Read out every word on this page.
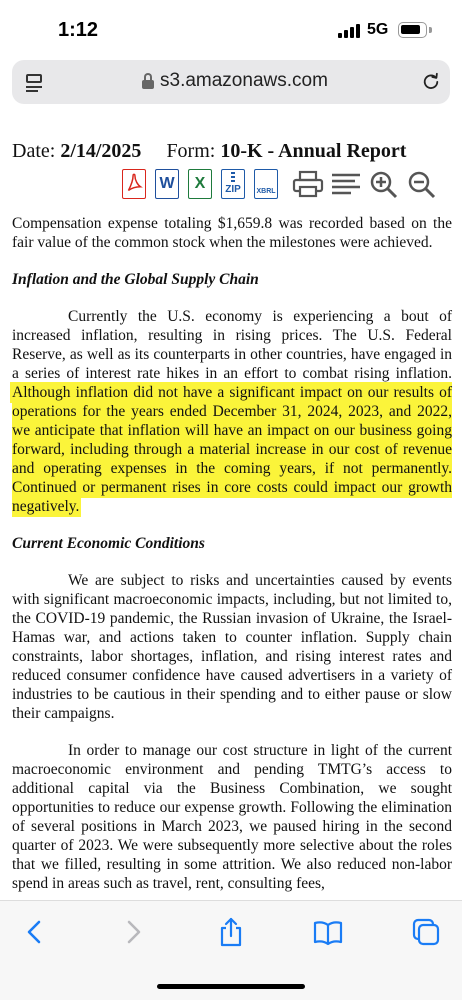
1:12	5G
s3.amazonaws.com
Date: 2/14/2025 Form: 10-K - Annual Report
W	X	ZIP	XBRL

Compensation expense totaling $1,659.8 was recorded based on the fair value of the common stock when the milestones were achieved.

Inflation and the Global Supply Chain

Currently the U.S. economy is experiencing a bout of increased inflation, resulting in rising prices. The U.S. Federal Reserve, as well as its counterparts in other countries, have engaged in a series of interest rate hikes in an effort to combat rising inflation. Although inflation did not have a significant impact on our results of operations for the years ended December 31, 2024, 2023, and 2022, we anticipate that inflation will have an impact on our business going forward, including through a material increase in our cost of revenue and operating expenses in the coming years, if not permanently. Continued or permanent rises in core costs could impact our growth negatively.

Current Economic Conditions

We are subject to risks and uncertainties caused by events with significant macroeconomic impacts, including, but not limited to, the COVID-19 pandemic, the Russian invasion of Ukraine, the Israel-Hamas war, and actions taken to counter inflation. Supply chain constraints, labor shortages, inflation, and rising interest rates and reduced consumer confidence have caused advertisers in a variety of industries to be cautious in their spending and to either pause or slow their campaigns.

In order to manage our cost structure in light of the current macroeconomic environment and pending TMTG’s access to additional capital via the Business Combination, we sought opportunities to reduce our expense growth. Following the elimination of several positions in March 2023, we paused hiring in the second quarter of 2023. We were subsequently more selective about the roles that we filled, resulting in some attrition. We also reduced non-labor spend in areas such as travel, rent, consulting fees,
